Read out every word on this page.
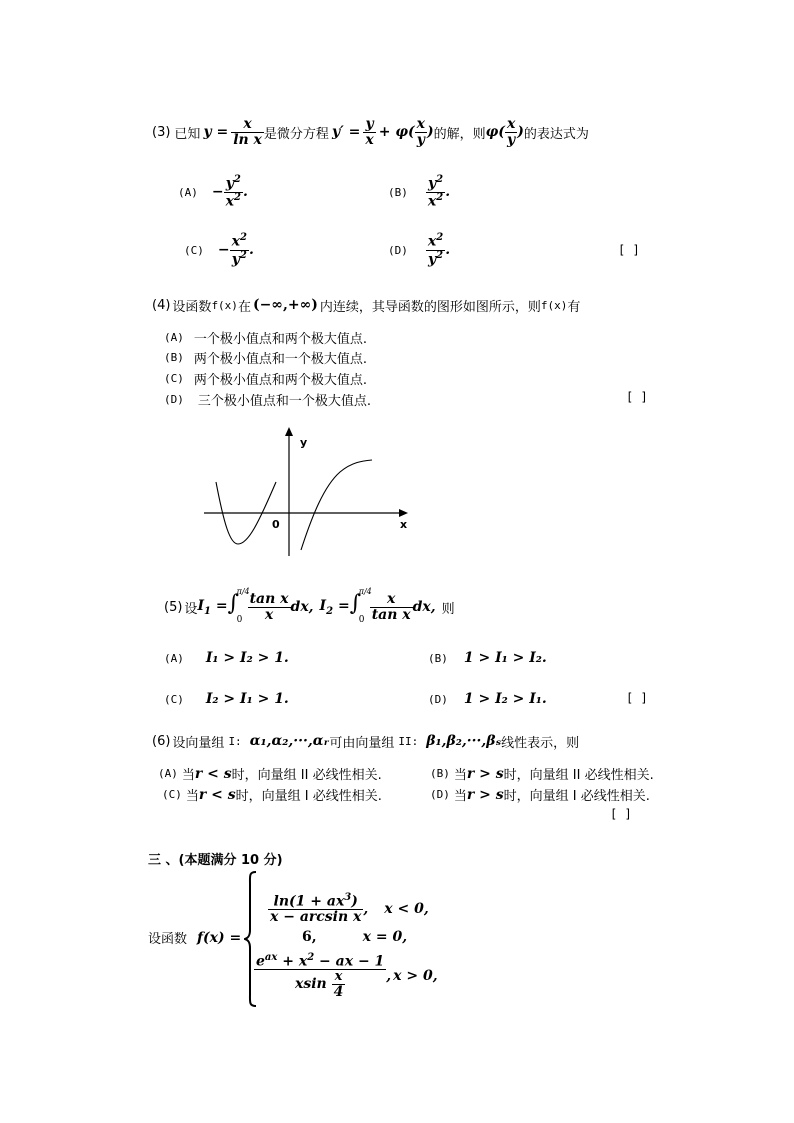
(3) 已知 $y = \frac{x}{\text{ln x}}$ 是微分方程 $y' = \frac{y}{x} + \varphi( \frac{x}{y}$ ) 的解，则 $\varphi( \frac{x}{y}$ ) 的表达式为
$(A) - \frac{y^2}{x^2}$ .	$(B) \frac{y^2}{x^2}$ .
$(C) - \frac{x^2}{y^2}$ .	$(D) \frac{x^2}{y^2}$ .	[ ]
(4) 设函数 f(x) 在 (−∞,+∞) 内连续，其导函数的图形如图所示，则 f(x) 有
(A) 一个极小值点和两个极大值点.
(B) 两个极小值点和一个极大值点.
(C) 两个极小值点和两个极大值点.
(D) 三个极小值点和一个极大值点.	[ ]
y
x
0
(5) 设 $I_1$ = ∫
π/4
$0 \frac{\text{tan x}}{x}$ dx, $I_2$ = ∫
π/4
$0 \frac{x}{\text{tan x}}$ dx, 则
(A) I₁ > I₂ > 1.	(B) 1 > I₁ > I₂.
(C) I₂ > I₁ > 1.	(D) 1 > I₂ > I₁.	[ ]
(6) 设向量组 I: α₁,α₂,···,αᵣ 可由向量组 II: β₁,β₂,···,βₛ 线性表示，则
(A) 当 r < s 时，向量组 II 必线性相关.	(B) 当 r > s 时，向量组 II 必线性相关.
(C) 当 r < s 时，向量组 I 必线性相关.	(D) 当 r > s 时，向量组 I 必线性相关.
[ ]
三 、(本题满分 10 分)
设函数 f(x) =
$\frac{\ln(1 + ax^3)}{\text{x − arcsin x}}$ , x < 0,
6,	x = 0,
$e^{ax} + x^2$ − ax − 1
x sin
$\frac{x}{4}$ , x > 0,
